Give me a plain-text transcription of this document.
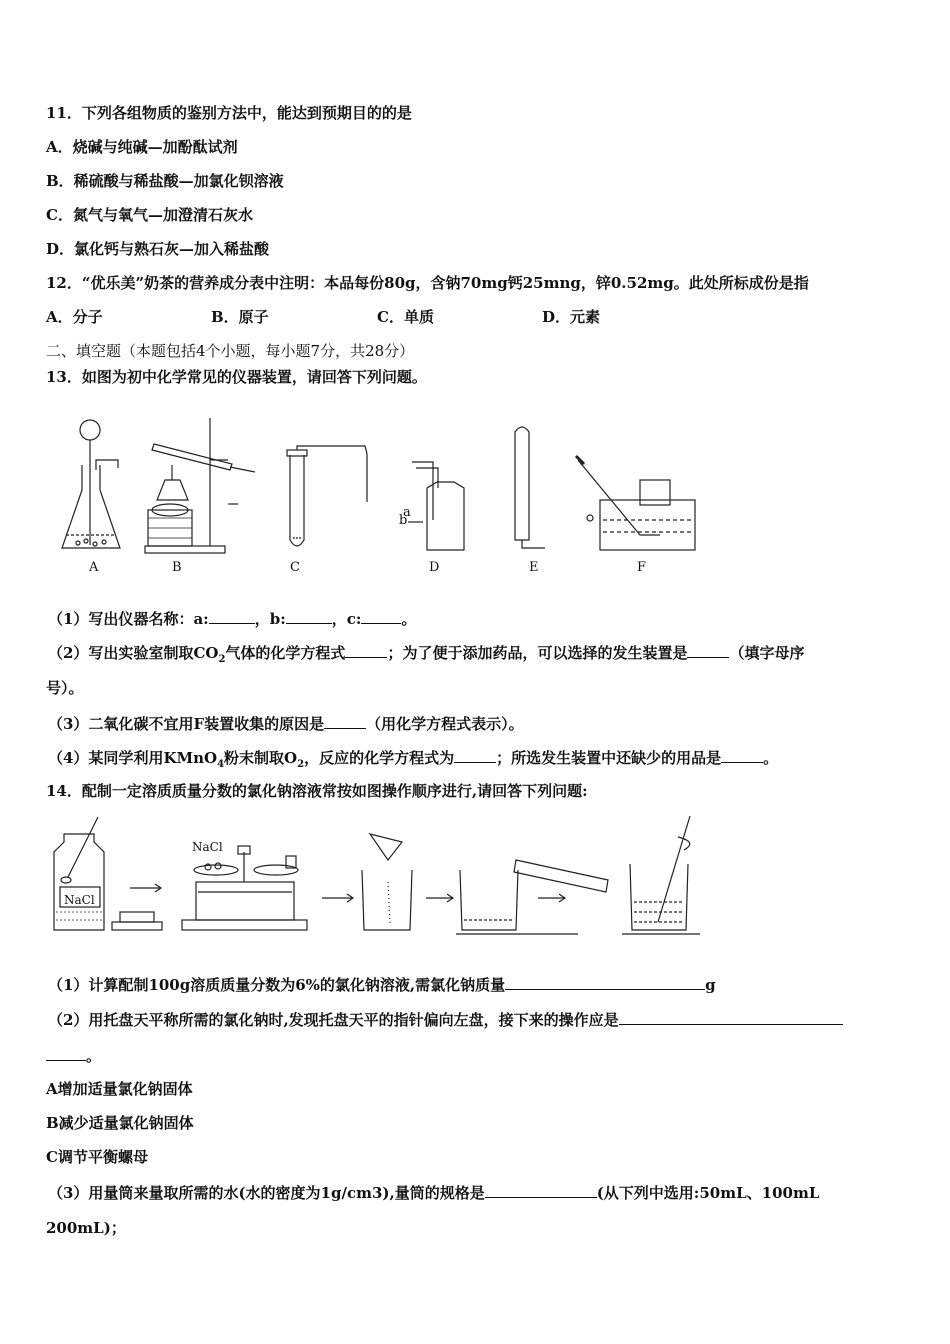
11．下列各组物质的鉴别方法中，能达到预期目的的是
A．烧碱与纯碱—加酚酞试剂
B．稀硫酸与稀盐酸—加氯化钡溶液
C．氮气与氧气—加澄清石灰水
D．氯化钙与熟石灰—加入稀盐酸
12．“优乐美”奶茶的营养成分表中注明：本品每份80g，含钠70mg钙25mng，锌0.52mg。此处所标成份是指
A．分子	B．原子	C．单质	D．元素
二、填空题（本题包括4个小题，每小题7分，共28分）
13．如图为初中化学常见的仪器装置，请回答下列问题。
a
b
A	B	C	D	E	F
（1）写出仪器名称：a:	，b:	，c:	。
（2）写出实验室制取$CO_2$气体的化学方程式	；为了便于添加药品，可以选择的发生装置是	（填字母序
号）。
（3）二氧化碳不宜用F装置收集的原因是	（用化学方程式表示）。
（4）某同学利用KMnO$_4$粉末制取$O_2$，反应的化学方程式为	；所选发生装置中还缺少的用品是	。
14．配制一定溶质质量分数的氯化钠溶液常按如图操作顺序进行,请回答下列问题:
NaCl
NaCl
（1）计算配制100g溶质质量分数为6%的氯化钠溶液,需氯化钠质量	g
（2）用托盘天平称所需的氯化钠时,发现托盘天平的指针偏向左盘，接下来的操作应是
。
A增加适量氯化钠固体
B减少适量氯化钠固体
C调节平衡螺母
（3）用量筒来量取所需的水(水的密度为1g/cm3),量筒的规格是	(从下列中选用:50mL、100mL
200mL)；
